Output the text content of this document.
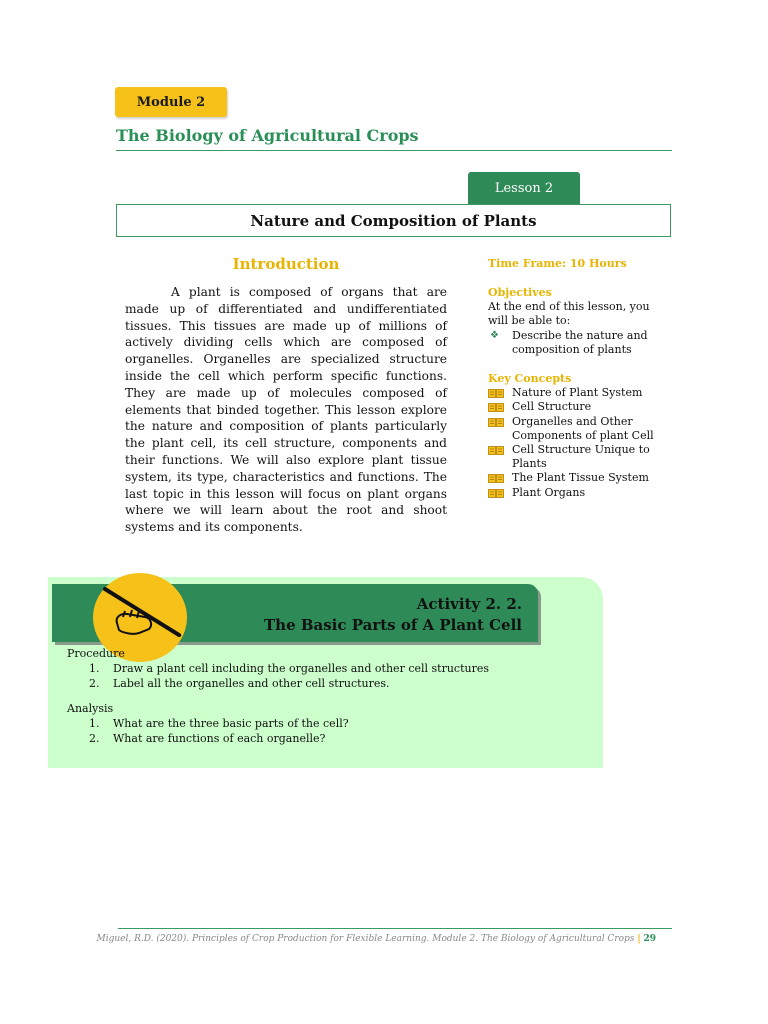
Module 2
The Biology of Agricultural Crops
Lesson 2
Nature and Composition of Plants
Introduction
A plant is composed of organs that are made up of differentiated and undifferentiated tissues. This tissues are made up of millions of actively dividing cells which are composed of organelles. Organelles are specialized structure inside the cell which perform specific functions. They are made up of molecules composed of elements that binded together. This lesson explore the nature and composition of plants particularly the plant cell, its cell structure, components and their functions. We will also explore plant tissue system, its type, characteristics and functions. The last topic in this lesson will focus on plant organs where we will learn about the root and shoot systems and its components.
Time Frame: 10 Hours
Objectives
At the end of this lesson, you will be able to:
❖ Describe the nature and composition of plants
Key Concepts
Nature of Plant System
Cell Structure
Organelles and Other Components of plant Cell
Cell Structure Unique to Plants
The Plant Tissue System
Plant Organs
Activity 2. 2.
The Basic Parts of A Plant Cell
Procedure
1. Draw a plant cell including the organelles and other cell structures
2. Label all the organelles and other cell structures.
Analysis
1. What are the three basic parts of the cell?
2. What are functions of each organelle?
Miguel, R.D. (2020). Principles of Crop Production for Flexible Learning. Module 2. The Biology of Agricultural Crops | 29
